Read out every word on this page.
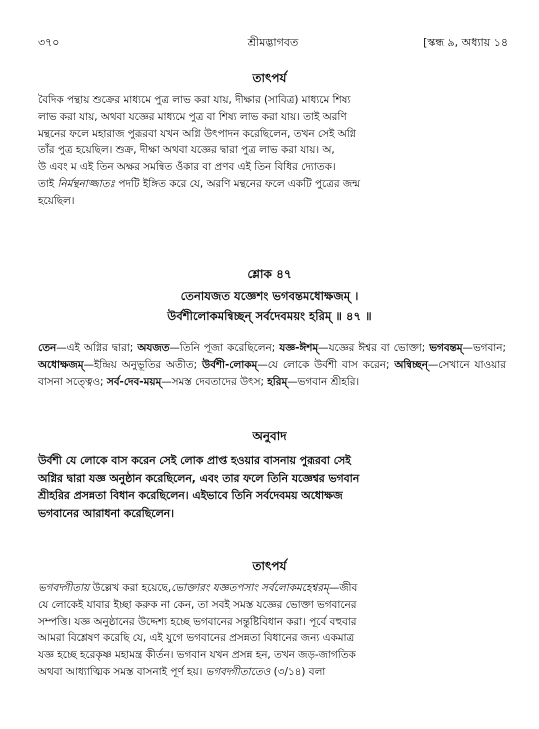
৩৭০	শ্রীমদ্ভাগবত	[স্কন্ধ ৯, অধ্যায় ১৪
তাৎপর্য
বৈদিক পন্থায় শুক্রের মাধ্যমে পুত্র লাভ করা যায়, দীক্ষার (সাবিত্র) মাধ্যমে শিষ্য
লাভ করা যায়, অথবা যজ্ঞের মাধ্যমে পুত্র বা শিষ্য লাভ করা যায়। তাই অরণি
মন্থনের ফলে মহারাজ পুরূরবা যখন অগ্নি উৎপাদন করেছিলেন, তখন সেই অগ্নি
তাঁর পুত্র হয়েছিল। শুক্র, দীক্ষা অথবা যজ্ঞের দ্বারা পুত্র লাভ করা যায়। অ,
উ এবং ম এই তিন অক্ষর সমন্বিত ওঁকার বা প্রণব এই তিন বিধির দ্যোতক।
তাই নির্মন্থনাজ্জাতঃ পদটি ইঙ্গিত করে যে, অরণি মন্থনের ফলে একটি পুত্রের জন্ম
হয়েছিল।
শ্লোক ৪৭
তেনাযজত যজ্ঞেশং ভগবন্তমধোক্ষজম্ ।
উর্বশীলোকমন্বিচ্ছন্ সর্বদেবময়ং হরিম্ ॥ ৪৭ ॥
তেন—এই অগ্নির দ্বারা; অযজত—তিনি পূজা করেছিলেন; যজ্ঞ-ঈশম্—যজ্ঞের ঈশ্বর বা ভোক্তা; ভগবন্তম্—ভগবান; অধোক্ষজম্—ইন্দ্রিয় অনুভূতির অতীত; উর্বশী-লোকম্—যে লোকে উর্বশী বাস করেন; অন্বিচ্ছন্—সেখানে যাওয়ার বাসনা সত্ত্বেও; সর্ব-দেব-ময়ম্—সমস্ত দেবতাদের উৎস; হরিম্—ভগবান শ্রীহরি।
অনুবাদ
উর্বশী যে লোকে বাস করেন সেই লোক প্রাপ্ত হওয়ার বাসনায় পুরূরবা সেই
অগ্নির দ্বারা যজ্ঞ অনুষ্ঠান করেছিলেন, এবং তার ফলে তিনি যজ্ঞেশ্বর ভগবান
শ্রীহরির প্রসন্নতা বিধান করেছিলেন। এইভাবে তিনি সর্বদেবময় অধোক্ষজ
ভগবানের আরাধনা করেছিলেন।
তাৎপর্য
ভগবদ্গীতায় উল্লেখ করা হয়েছে,ভোক্তারং যজ্ঞতপসাং সর্বলোকমহেশ্বরম্—জীব
যে লোকেই যাবার ইচ্ছা করুক না কেন, তা সবই সমস্ত যজ্ঞের ভোক্তা ভগবানের
সম্পত্তি। যজ্ঞ অনুষ্ঠানের উদ্দেশ্য হচ্ছে ভগবানের সন্তুষ্টিবিধান করা। পূর্বে বহুবার
আমরা বিশ্লেষণ করেছি যে, এই যুগে ভগবানের প্রসন্নতা বিধানের জন্য একমাত্র
যজ্ঞ হচ্ছে হরেকৃষ্ণ মহামন্ত্র কীর্তন। ভগবান যখন প্রসন্ন হন, তখন জড়-জাগতিক
অথবা আধ্যাত্মিক সমস্ত বাসনাই পূর্ণ হয়। ভগবদ্গীতাতেও (৩/১৪) বলা
